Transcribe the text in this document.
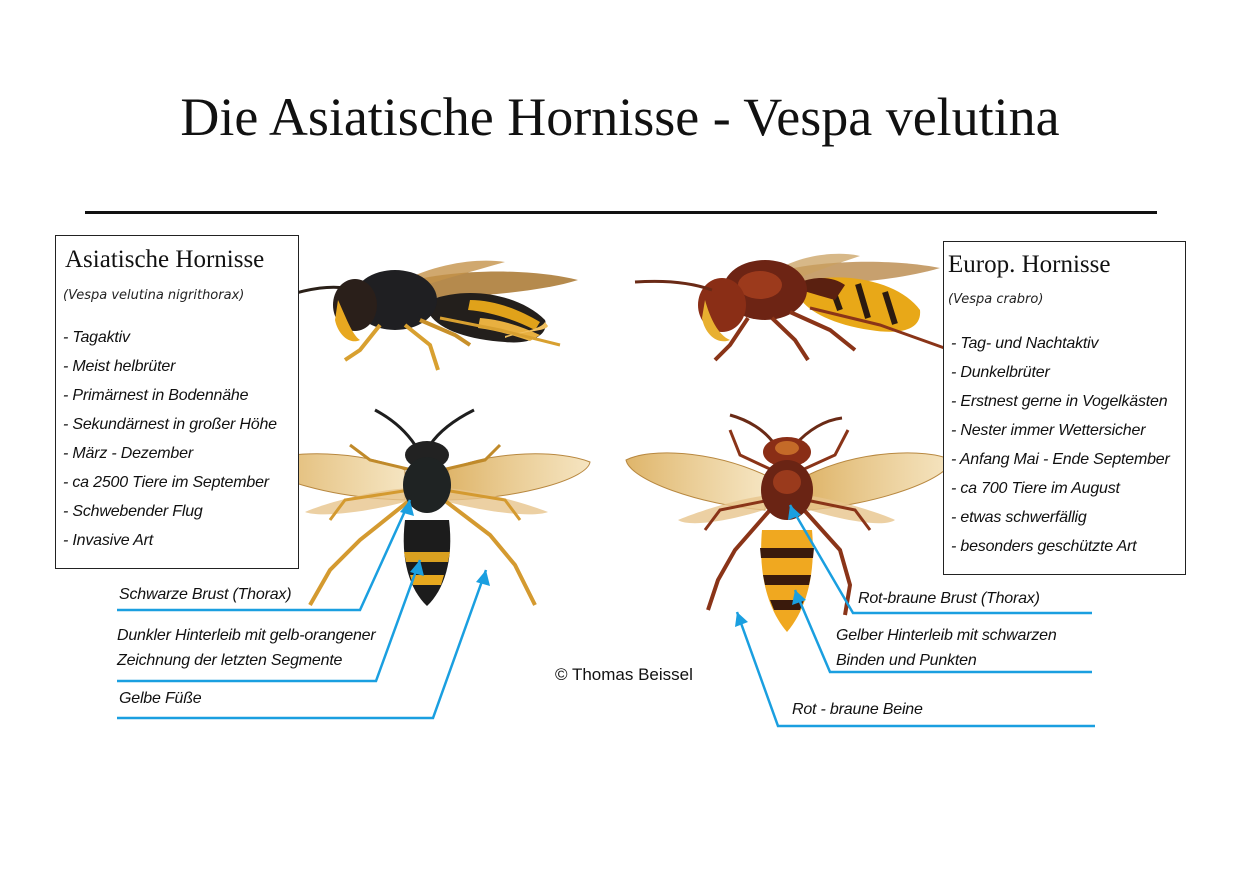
Die Asiatische Hornisse - Vespa velutina
Asiatische Hornisse
(Vespa velutina nigrithorax)
- Tagaktiv
- Meist helbrüter
- Primärnest in Bodennähe
- Sekundärnest in großer Höhe
- März - Dezember
- ca 2500 Tiere im September
- Schwebender Flug
- Invasive Art
Europ. Hornisse
(Vespa crabro)
- Tag- und Nachtaktiv
- Dunkelbrüter
- Erstnest gerne in Vogelkästen
- Nester immer Wettersicher
- Anfang Mai - Ende September
- ca 700 Tiere im August
- etwas schwerfällig
- besonders geschützte Art
Schwarze Brust (Thorax)
Dunkler Hinterleib mit gelb-orangener
Zeichnung der letzten Segmente
Gelbe Füße
Rot-braune Brust (Thorax)
Gelber Hinterleib mit schwarzen
Binden und Punkten
Rot - braune Beine
© Thomas Beissel
